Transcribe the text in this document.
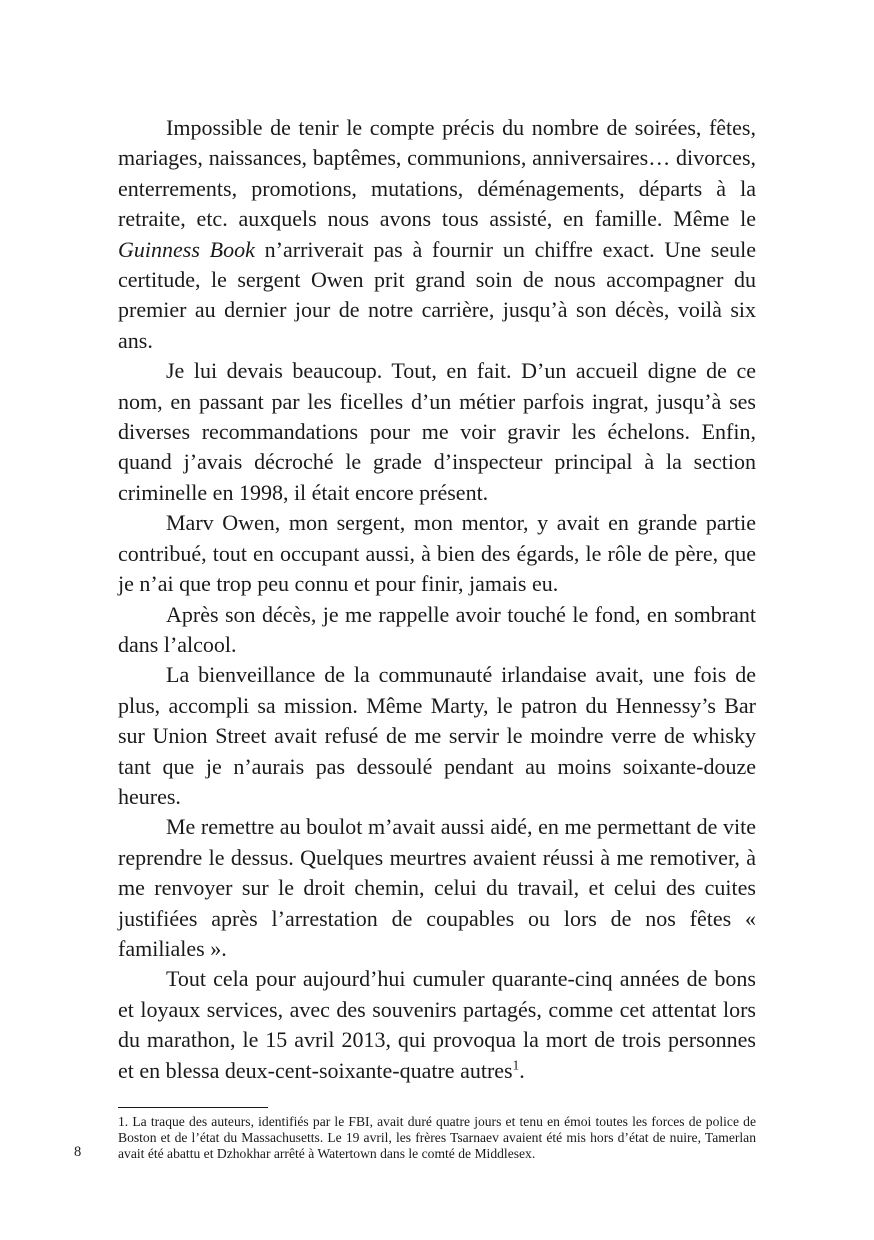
Impossible de tenir le compte précis du nombre de soirées, fêtes, mariages, naissances, baptêmes, communions, anniversaires… divorces, enterrements, promotions, mutations, déménagements, départs à la retraite, etc. auxquels nous avons tous assisté, en famille. Même le Guinness Book n’arriverait pas à fournir un chiffre exact. Une seule certitude, le sergent Owen prit grand soin de nous accompagner du premier au dernier jour de notre carrière, jusqu’à son décès, voilà six ans.

Je lui devais beaucoup. Tout, en fait. D’un accueil digne de ce nom, en passant par les ficelles d’un métier parfois ingrat, jusqu’à ses diverses recommandations pour me voir gravir les échelons. Enfin, quand j’avais décroché le grade d’inspecteur principal à la section criminelle en 1998, il était encore présent.

Marv Owen, mon sergent, mon mentor, y avait en grande partie contribué, tout en occupant aussi, à bien des égards, le rôle de père, que je n’ai que trop peu connu et pour finir, jamais eu.

Après son décès, je me rappelle avoir touché le fond, en sombrant dans l’alcool.

La bienveillance de la communauté irlandaise avait, une fois de plus, accompli sa mission. Même Marty, le patron du Hennessy’s Bar sur Union Street avait refusé de me servir le moindre verre de whisky tant que je n’aurais pas dessoulé pendant au moins soixante-douze heures.

Me remettre au boulot m’avait aussi aidé, en me permettant de vite reprendre le dessus. Quelques meurtres avaient réussi à me remotiver, à me renvoyer sur le droit chemin, celui du travail, et celui des cuites justifiées après l’arrestation de coupables ou lors de nos fêtes « familiales ».

Tout cela pour aujourd’hui cumuler quarante-cinq années de bons et loyaux services, avec des souvenirs partagés, comme cet attentat lors du marathon, le 15 avril 2013, qui provoqua la mort de trois personnes et en blessa deux-cent-soixante-quatre autres$^1$.

1. La traque des auteurs, identifiés par le FBI, avait duré quatre jours et tenu en émoi toutes les forces de police de Boston et de l’état du Massachusetts. Le 19 avril, les frères Tsarnaev avaient été mis hors d’état de nuire, Tamerlan avait été abattu et Dzhokhar arrêté à Watertown dans le comté de Middlesex.

8
